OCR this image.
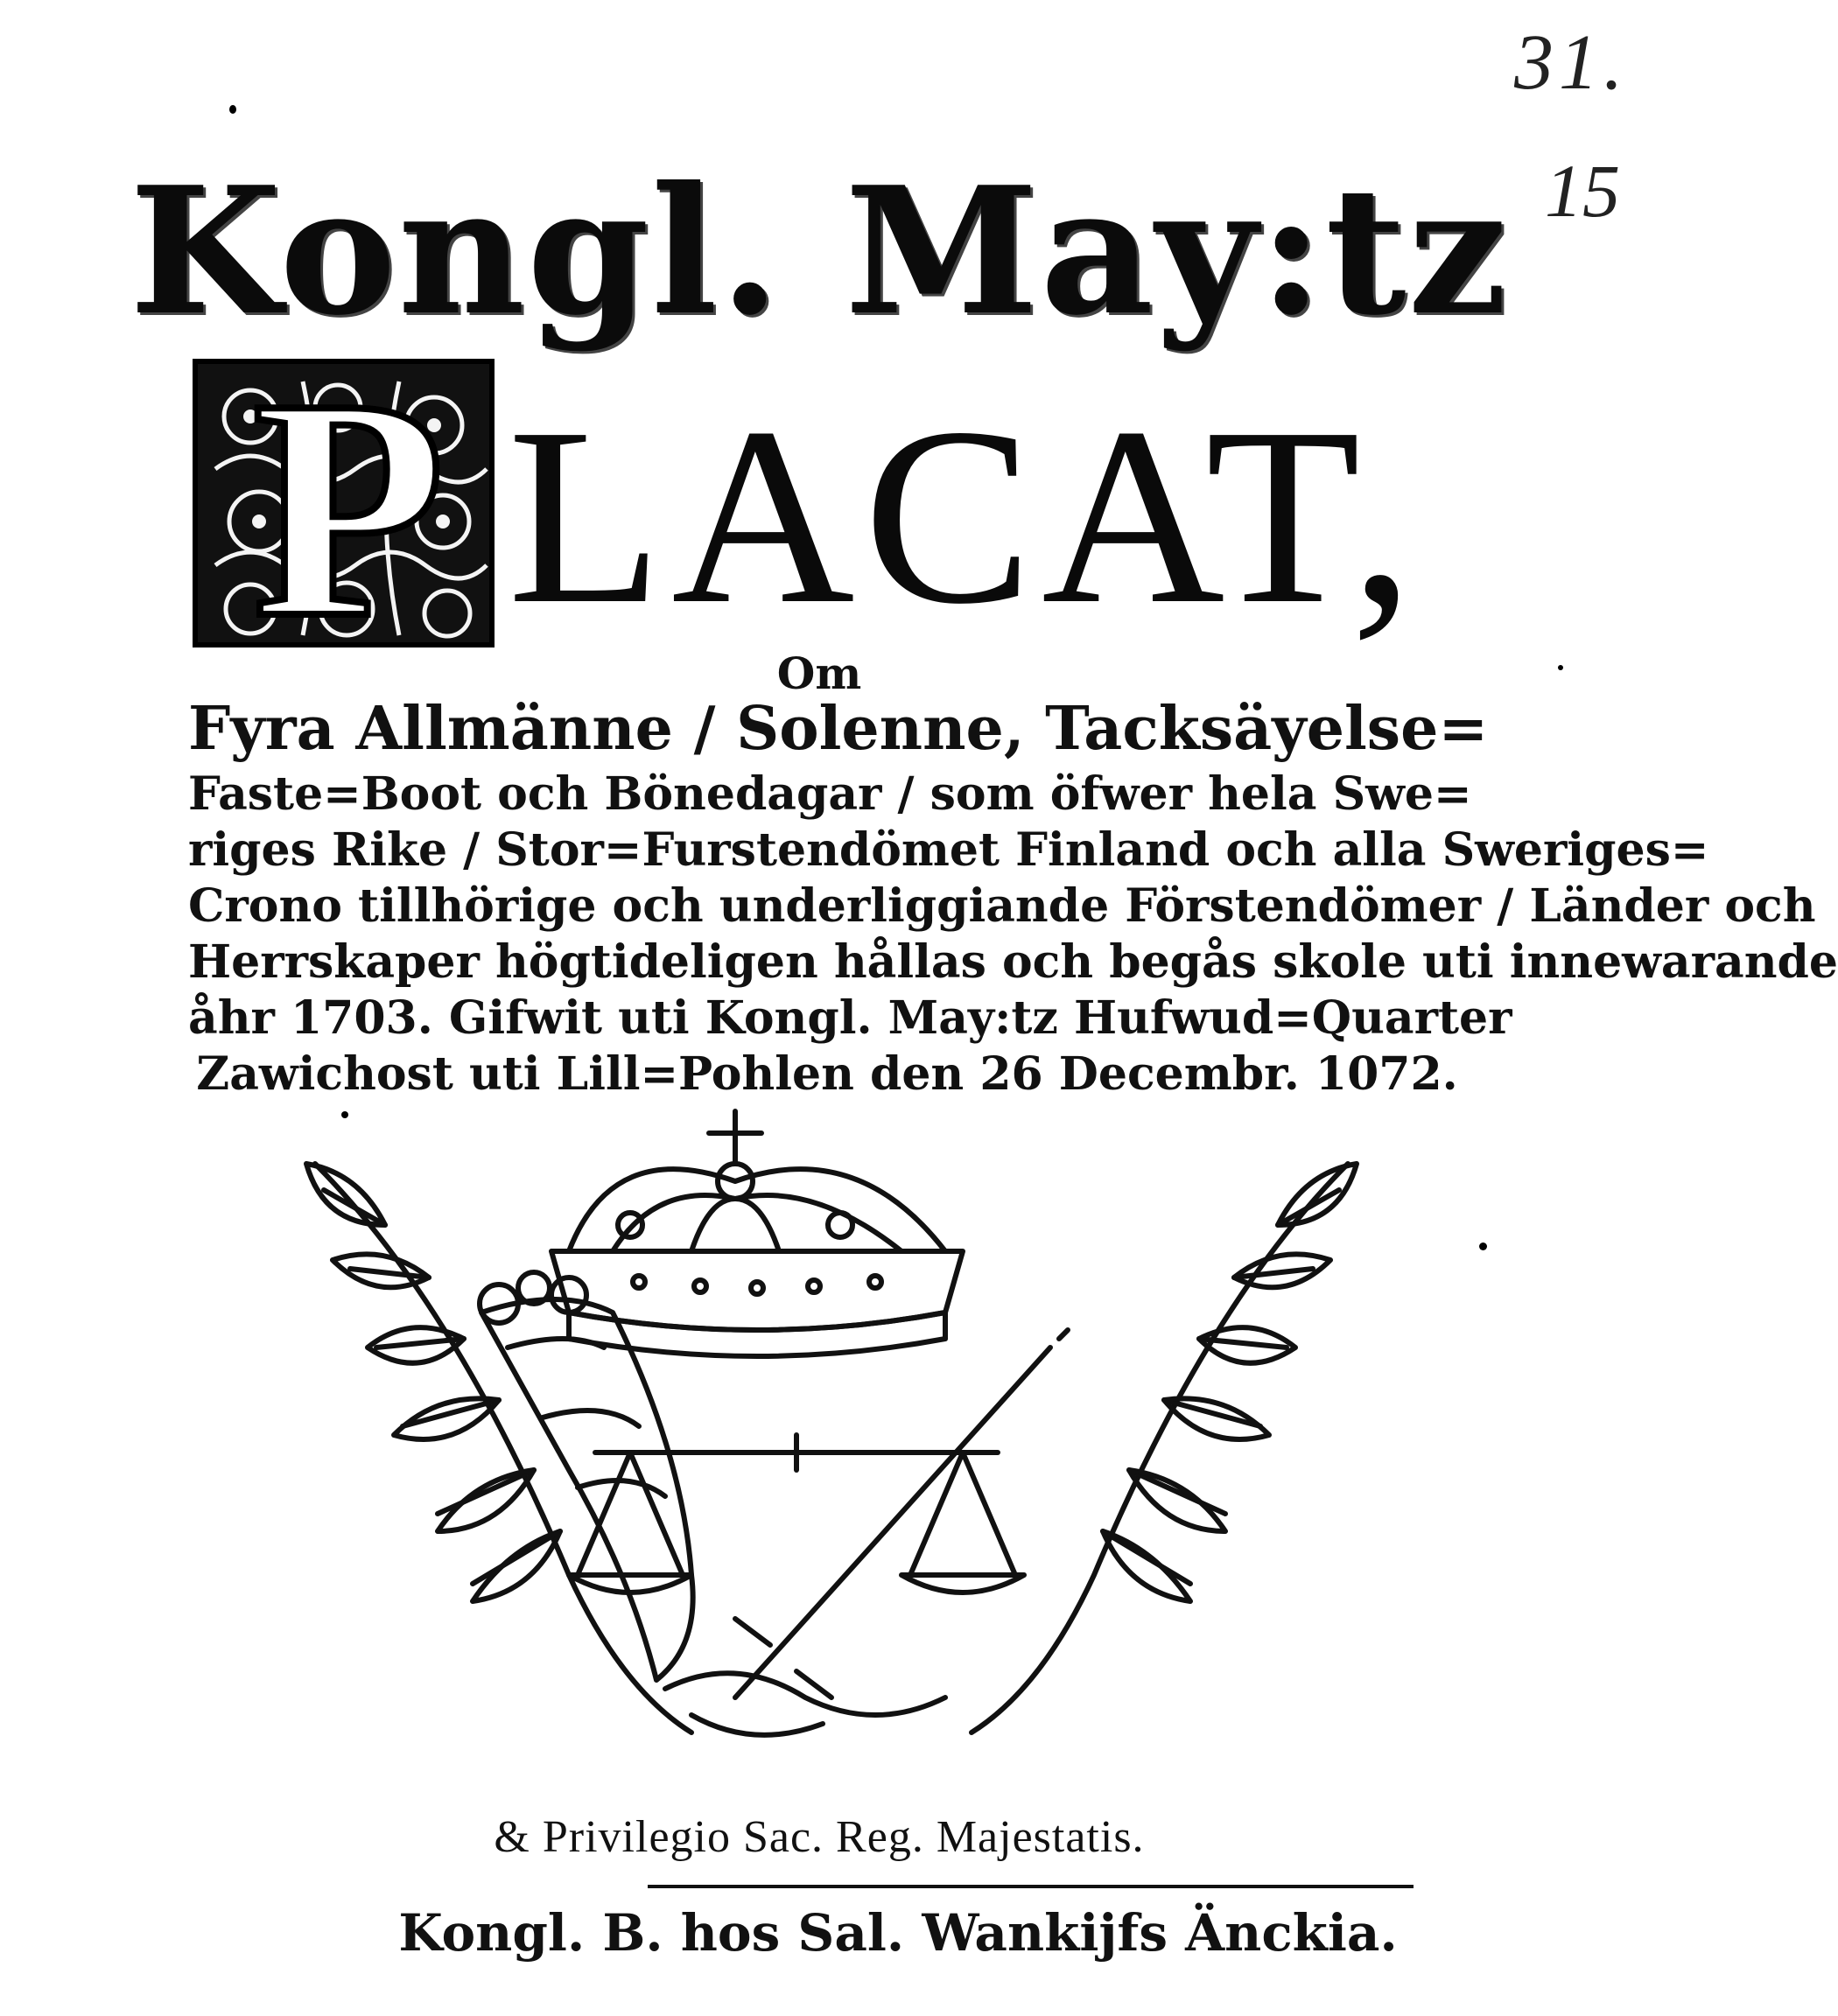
31.
15
Kongl. May:tz
P LACAT,
Om
Fyra Allmänne / Solenne, Tacksäyelse=
Faste=Boot och Bönedagar / som öfwer hela Swe=
riges Rike / Stor=Furstendömet Finland och alla Sweriges=
Crono tillhörige och underliggiande Förstendömer / Länder och
Herrskaper högtideligen hållas och begås skole uti innewarande
åhr 1703. Gifwit uti Kongl. May:tz Hufwud=Quarter
Zawichost uti Lill=Pohlen den 26 Decembr. 1072.
& Privilegio Sac. Reg. Majestatis.
Kongl. B. hos Sal. Wankijfs Änckia.
